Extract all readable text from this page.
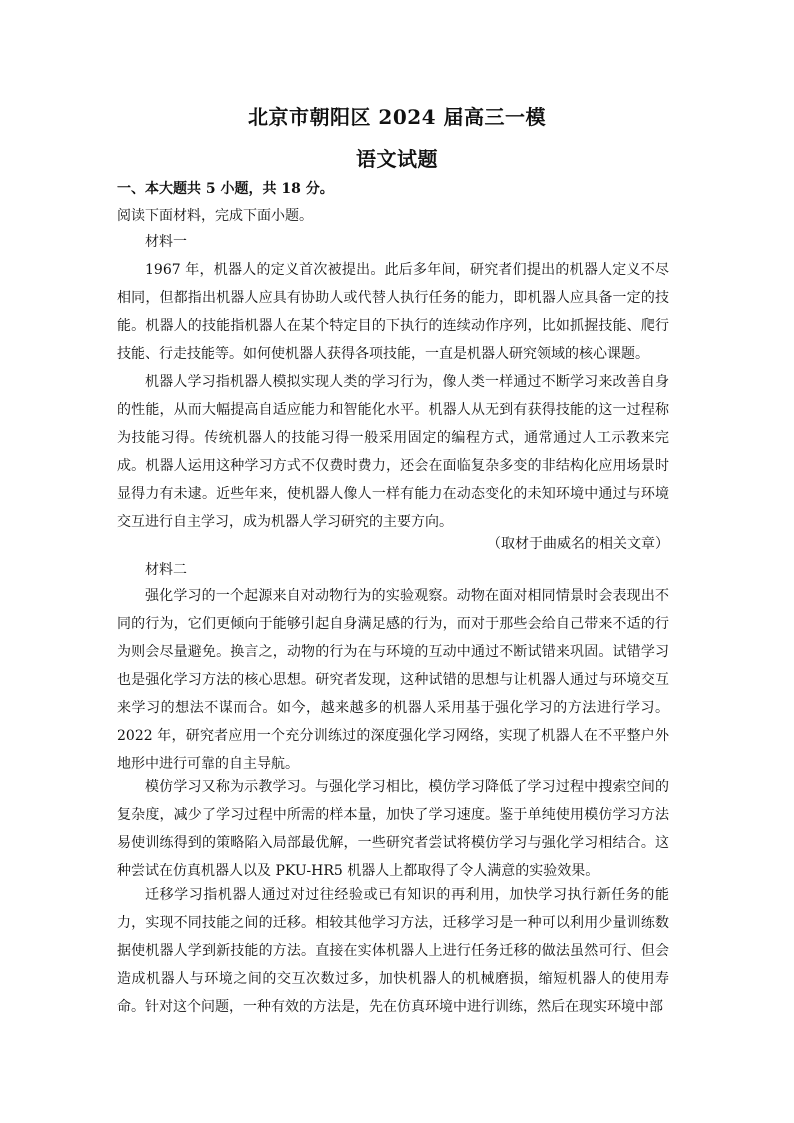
北京市朝阳区 2024 届高三一模
语文试题
一、本大题共 5 小题，共 18 分。
阅读下面材料，完成下面小题。
材料一
1967 年，机器人的定义首次被提出。此后多年间，研究者们提出的机器人定义不尽相同，但都指出机器人应具有协助人或代替人执行任务的能力，即机器人应具备一定的技能。机器人的技能指机器人在某个特定目的下执行的连续动作序列，比如抓握技能、爬行技能、行走技能等。如何使机器人获得各项技能，一直是机器人研究领域的核心课题。
机器人学习指机器人模拟实现人类的学习行为，像人类一样通过不断学习来改善自身的性能，从而大幅提高自适应能力和智能化水平。机器人从无到有获得技能的这一过程称为技能习得。传统机器人的技能习得一般采用固定的编程方式，通常通过人工示教来完成。机器人运用这种学习方式不仅费时费力，还会在面临复杂多变的非结构化应用场景时显得力有未逮。近些年来，使机器人像人一样有能力在动态变化的未知环境中通过与环境交互进行自主学习，成为机器人学习研究的主要方向。
（取材于曲威名的相关文章）
材料二
强化学习的一个起源来自对动物行为的实验观察。动物在面对相同情景时会表现出不同的行为，它们更倾向于能够引起自身满足感的行为，而对于那些会给自己带来不适的行为则会尽量避免。换言之，动物的行为在与环境的互动中通过不断试错来巩固。试错学习也是强化学习方法的核心思想。研究者发现，这种试错的思想与让机器人通过与环境交互来学习的想法不谋而合。如今，越来越多的机器人采用基于强化学习的方法进行学习。2022 年，研究者应用一个充分训练过的深度强化学习网络，实现了机器人在不平整户外地形中进行可靠的自主导航。
模仿学习又称为示教学习。与强化学习相比，模仿学习降低了学习过程中搜索空间的复杂度，减少了学习过程中所需的样本量，加快了学习速度。鉴于单纯使用模仿学习方法易使训练得到的策略陷入局部最优解，一些研究者尝试将模仿学习与强化学习相结合。这种尝试在仿真机器人以及 PKU-HR5 机器人上都取得了令人满意的实验效果。
迁移学习指机器人通过对过往经验或已有知识的再利用，加快学习执行新任务的能力，实现不同技能之间的迁移。相较其他学习方法，迁移学习是一种可以利用少量训练数据使机器人学到新技能的方法。直接在实体机器人上进行任务迁移的做法虽然可行、但会造成机器人与环境之间的交互次数过多，加快机器人的机械磨损，缩短机器人的使用寿命。针对这个问题，一种有效的方法是，先在仿真环境中进行训练，然后在现实环境中部
